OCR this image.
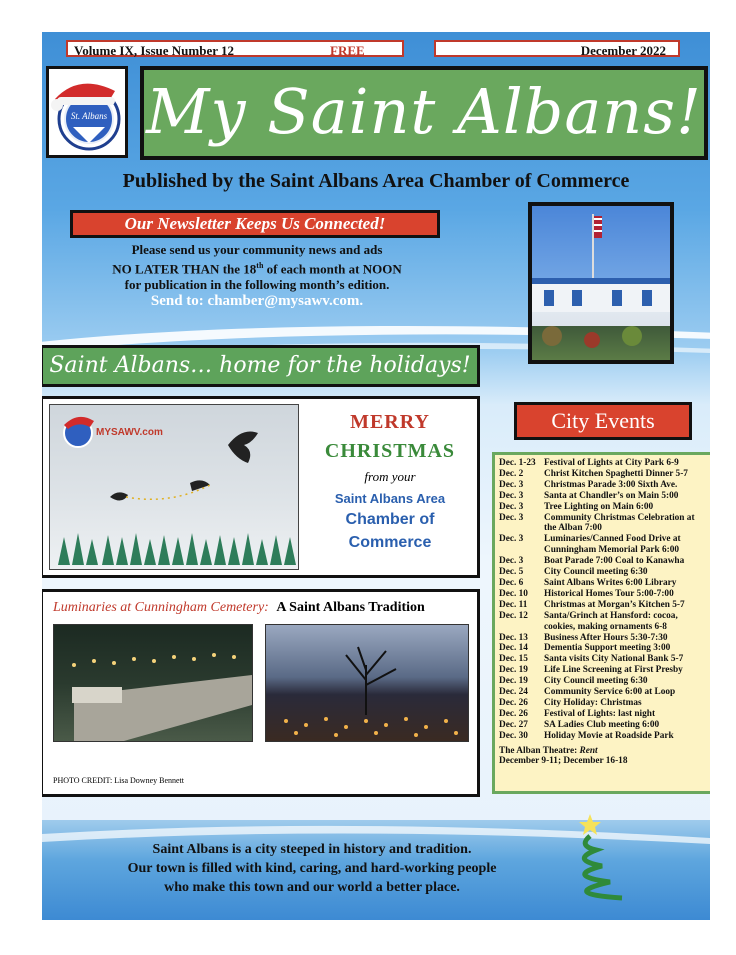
Volume IX, Issue Number 12	FREE	December 2022
St. Albans My Saint Albans!
Published by the Saint Albans Area Chamber of Commerce
Our Newsletter Keeps Us Connected!
Please send us your community news and ads
NO LATER THAN the 18th of each month at NOON
for publication in the following month’s edition.
Send to: chamber@mysawv.com.
Saint Albans… home for the holidays!
MYSAWV.com	MERRY
CHRISTMAS
from your
Saint Albans Area
Chamber of
Commerce
Luminaries at Cunningham Cemetery: A Saint Albans Tradition
PHOTO CREDIT: Lisa Downey Bennett
City Events
Dec. 1-23 Festival of Lights at City Park 6-9
Dec. 2	Christ Kitchen Spaghetti Dinner 5-7
Dec. 3	Christmas Parade 3:00 Sixth Ave.
Dec. 3	Santa at Chandler’s on Main 5:00
Dec. 3	Tree Lighting on Main 6:00
Dec. 3	Community Christmas Celebration at the Alban 7:00
Dec. 3	Luminaries/Canned Food Drive at Cunningham Memorial Park 6:00
Dec. 3	Boat Parade 7:00 Coal to Kanawha
Dec. 5	City Council meeting 6:30
Dec. 6	Saint Albans Writes 6:00 Library
Dec. 10	Historical Homes Tour 5:00-7:00
Dec. 11	Christmas at Morgan’s Kitchen 5-7
Dec. 12	Santa/Grinch at Hansford: cocoa, cookies, making ornaments 6-8
Dec. 13	Business After Hours 5:30-7:30
Dec. 14	Dementia Support meeting 3:00
Dec. 15	Santa visits City National Bank 5-7
Dec. 19	Life Line Screening at First Presby
Dec. 19	City Council meeting 6:30
Dec. 24	Community Service 6:00 at Loop
Dec. 26	City Holiday: Christmas
Dec. 26	Festival of Lights: last night
Dec. 27	SA Ladies Club meeting 6:00
Dec. 30	Holiday Movie at Roadside Park
The Alban Theatre: Rent
December 9-11; December 16-18
Saint Albans is a city steeped in history and tradition.
Our town is filled with kind, caring, and hard-working people
who make this town and our world a better place.
